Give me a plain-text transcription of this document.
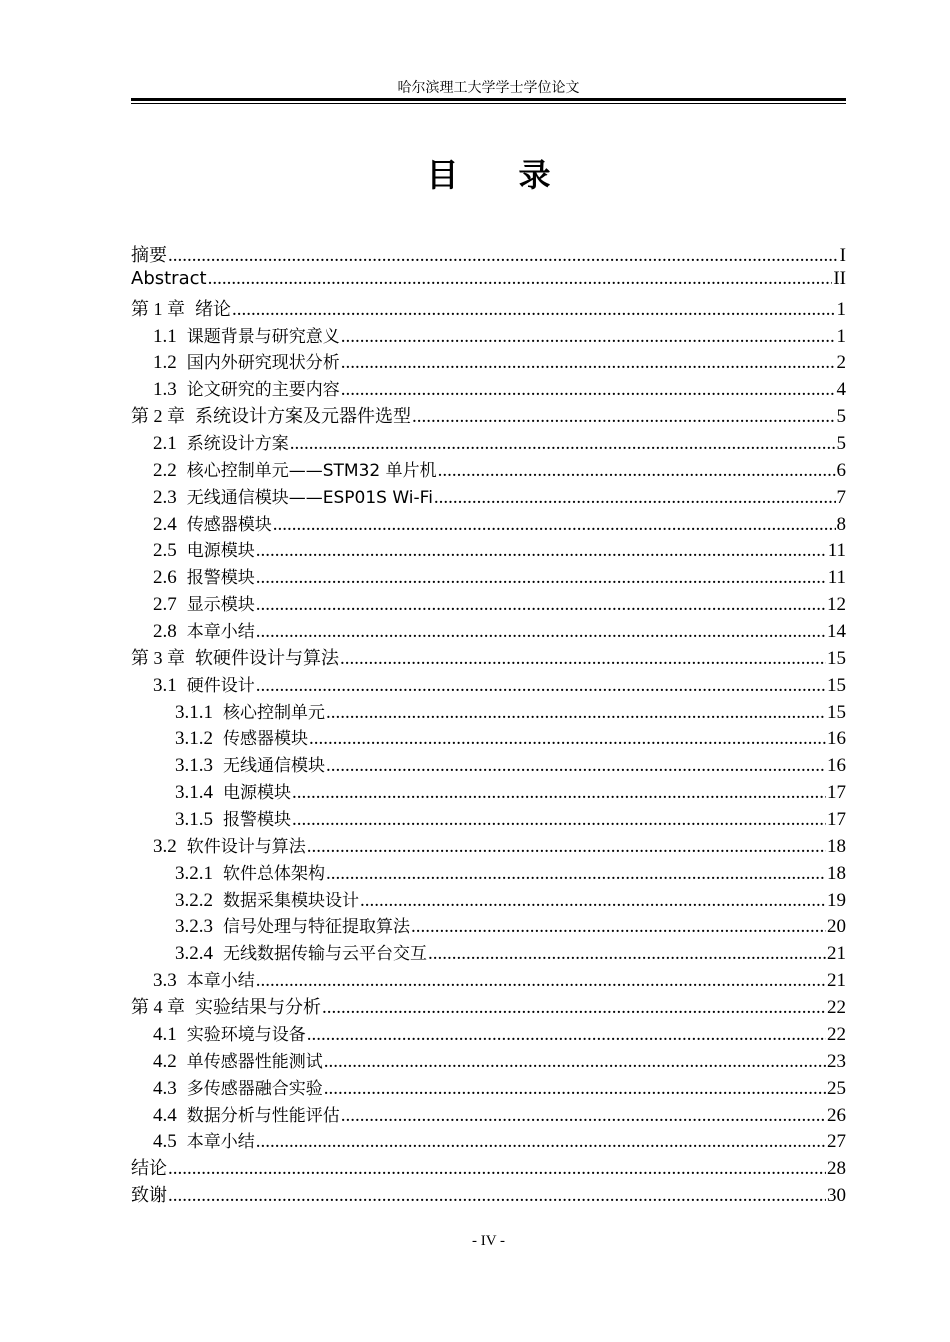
哈尔滨理工大学学士学位论文
目录
摘要 .....	I
Abstract .....	II
第 1 章 绪论 .....	1
1.1 课题背景与研究意义 .....	1
1.2 国内外研究现状分析 .....	2
1.3 论文研究的主要内容 .....	4
第 2 章 系统设计方案及元器件选型 .....	5
2.1 系统设计方案 .....	5
2.2 核心控制单元——STM32 单片机 .....	6
2.3 无线通信模块——ESP01S Wi-Fi .....	7
2.4 传感器模块 .....	8
2.5 电源模块 .....	11
2.6 报警模块 .....	11
2.7 显示模块 .....	12
2.8 本章小结 .....	14
第 3 章 软硬件设计与算法 .....	15
3.1 硬件设计 .....	15
3.1.1 核心控制单元 .....	15
3.1.2 传感器模块 .....	16
3.1.3 无线通信模块 .....	16
3.1.4 电源模块 .....	17
3.1.5 报警模块 .....	17
3.2 软件设计与算法 .....	18
3.2.1 软件总体架构 .....	18
3.2.2 数据采集模块设计 .....	19
3.2.3 信号处理与特征提取算法 .....	20
3.2.4 无线数据传输与云平台交互 .....	21
3.3 本章小结 .....	21
第 4 章 实验结果与分析 .....	22
4.1 实验环境与设备 .....	22
4.2 单传感器性能测试 .....	23
4.3 多传感器融合实验 .....	25
4.4 数据分析与性能评估 .....	26
4.5 本章小结 .....	27
结论 .....	28
致谢 .....	30
- IV -
